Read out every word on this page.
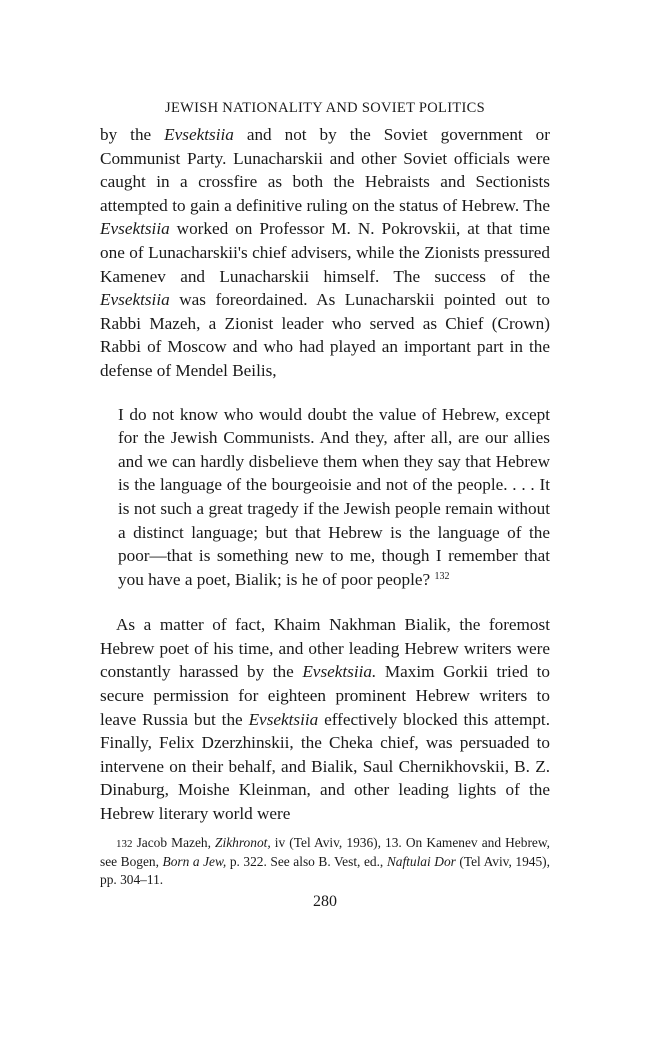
JEWISH NATIONALITY AND SOVIET POLITICS

by the Evsektsiia and not by the Soviet government or Communist Party. Lunacharskii and other Soviet officials were caught in a crossfire as both the Hebraists and Sectionists attempted to gain a definitive ruling on the status of Hebrew. The Evsektsiia worked on Professor M. N. Pokrovskii, at that time one of Lunacharskii's chief advisers, while the Zionists pressured Kamenev and Lunacharskii himself. The success of the Evsektsiia was foreordained. As Lunacharskii pointed out to Rabbi Mazeh, a Zionist leader who served as Chief (Crown) Rabbi of Moscow and who had played an important part in the defense of Mendel Beilis,

I do not know who would doubt the value of Hebrew, except for the Jewish Communists. And they, after all, are our allies and we can hardly disbelieve them when they say that Hebrew is the language of the bourgeoisie and not of the people. . . . It is not such a great tragedy if the Jewish people remain without a distinct language; but that Hebrew is the language of the poor—that is something new to me, though I remember that you have a poet, Bialik; is he of poor people? $^{132}$

As a matter of fact, Khaim Nakhman Bialik, the foremost Hebrew poet of his time, and other leading Hebrew writers were constantly harassed by the Evsektsiia. Maxim Gorkii tried to secure permission for eighteen prominent Hebrew writers to leave Russia but the Evsektsiia effectively blocked this attempt. Finally, Felix Dzerzhinskii, the Cheka chief, was persuaded to intervene on their behalf, and Bialik, Saul Chernikhovskii, B. Z. Dinaburg, Moishe Kleinman, and other leading lights of the Hebrew literary world were

132 Jacob Mazeh, Zikhronot, iv (Tel Aviv, 1936), 13. On Kamenev and Hebrew, see Bogen, Born a Jew, p. 322. See also B. Vest, ed., Naftulai Dor (Tel Aviv, 1945), pp. 304–11.

280
